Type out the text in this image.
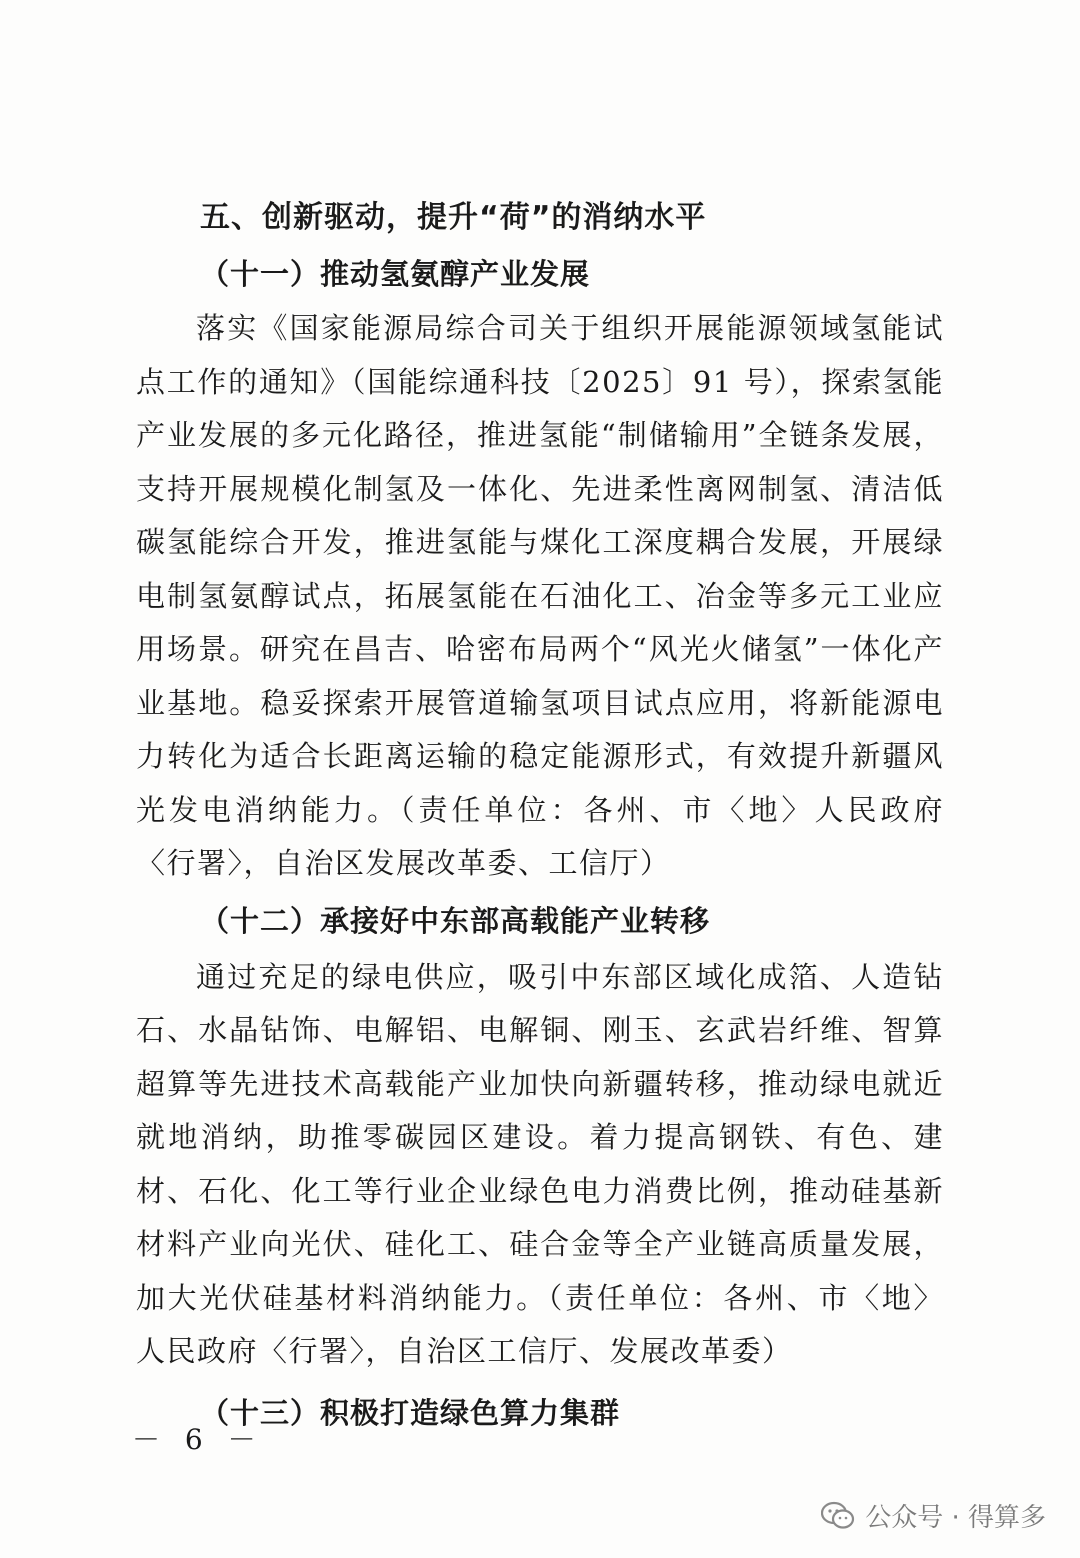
五、创新驱动，提升“荷”的消纳水平
（十一）推动氢氨醇产业发展

落实《国家能源局综合司关于组织开展能源领域氢能试点工作的通知》（国能综通科技〔2025〕91 号），探索氢能产业发展的多元化路径，推进氢能“制储输用”全链条发展，支持开展规模化制氢及一体化、先进柔性离网制氢、清洁低碳氢能综合开发，推进氢能与煤化工深度耦合发展，开展绿电制氢氨醇试点，拓展氢能在石油化工、冶金等多元工业应用场景。研究在昌吉、哈密布局两个“风光火储氢”一体化产业基地。稳妥探索开展管道输氢项目试点应用，将新能源电力转化为适合长距离运输的稳定能源形式，有效提升新疆风光发电消纳能力。（责任单位：各州、市〈地〉人民政府〈行署〉，自治区发展改革委、工信厅）

（十二）承接好中东部高载能产业转移

通过充足的绿电供应，吸引中东部区域化成箔、人造钻石、水晶钻饰、电解铝、电解铜、刚玉、玄武岩纤维、智算超算等先进技术高载能产业加快向新疆转移，推动绿电就近就地消纳，助推零碳园区建设。着力提高钢铁、有色、建材、石化、化工等行业企业绿色电力消费比例，推动硅基新材料产业向光伏、硅化工、硅合金等全产业链高质量发展，加大光伏硅基材料消纳能力。（责任单位：各州、市〈地〉人民政府〈行署〉，自治区工信厅、发展改革委）

（十三）积极打造绿色算力集群
－ 6 －
公众号 · 得算多
